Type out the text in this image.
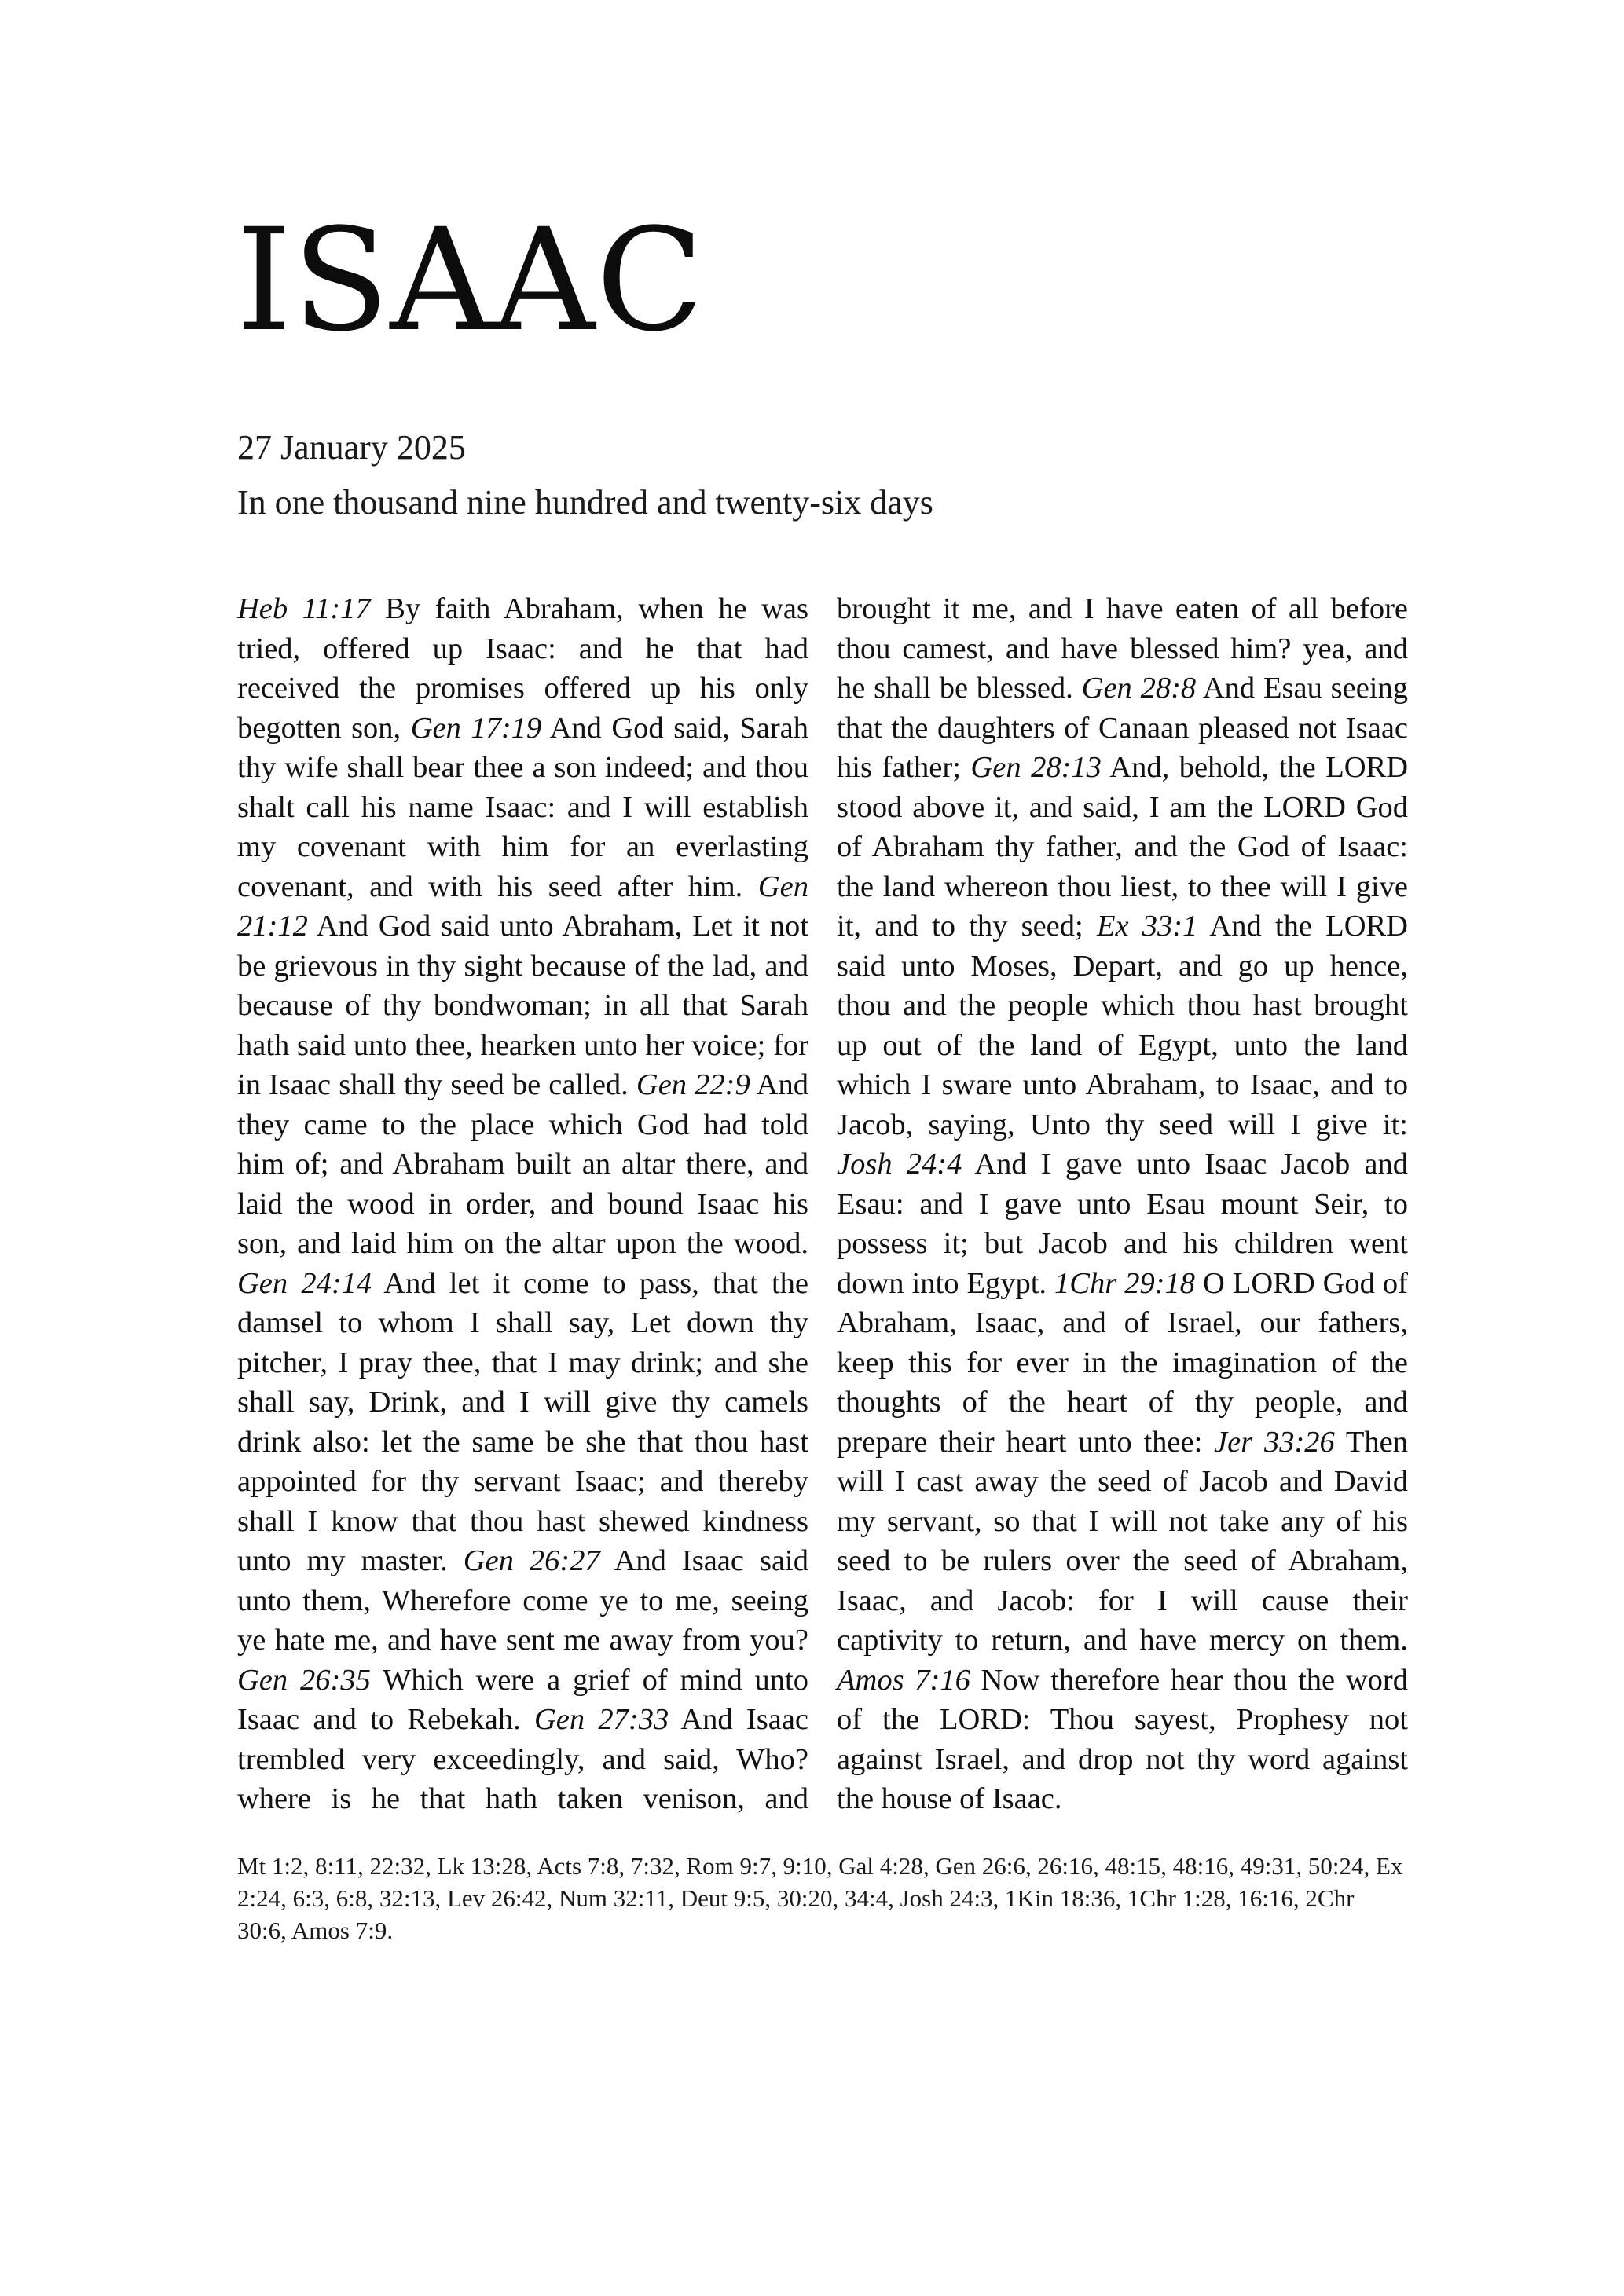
ISAAC
27 January 2025
In one thousand nine hundred and twenty-six days

Heb 11:17 By faith Abraham, when he was tried, offered up Isaac: and he that had received the promises offered up his only begotten son, Gen 17:19 And God said, Sarah thy wife shall bear thee a son indeed; and thou shalt call his name Isaac: and I will establish my covenant with him for an everlasting covenant, and with his seed after him. Gen 21:12 And God said unto Abraham, Let it not be grievous in thy sight because of the lad, and because of thy bondwoman; in all that Sarah hath said unto thee, hearken unto her voice; for in Isaac shall thy seed be called. Gen 22:9 And they came to the place which God had told him of; and Abraham built an altar there, and laid the wood in order, and bound Isaac his son, and laid him on the altar upon the wood. Gen 24:14 And let it come to pass, that the damsel to whom I shall say, Let down thy pitcher, I pray thee, that I may drink; and she shall say, Drink, and I will give thy camels drink also: let the same be she that thou hast appointed for thy servant Isaac; and thereby shall I know that thou hast shewed kindness unto my master. Gen 26:27 And Isaac said unto them, Wherefore come ye to me, seeing ye hate me, and have sent me away from you? Gen 26:35 Which were a grief of mind unto Isaac and to Rebekah. Gen 27:33 And Isaac trembled very exceedingly, and said, Who? where is he that hath taken venison, and brought it me, and I have eaten of all before thou camest, and have blessed him? yea, and he shall be blessed. Gen 28:8 And Esau seeing that the daughters of Canaan pleased not Isaac his father; Gen 28:13 And, behold, the LORD stood above it, and said, I am the LORD God of Abraham thy father, and the God of Isaac: the land whereon thou liest, to thee will I give it, and to thy seed; Ex 33:1 And the LORD said unto Moses, Depart, and go up hence, thou and the people which thou hast brought up out of the land of Egypt, unto the land which I sware unto Abraham, to Isaac, and to Jacob, saying, Unto thy seed will I give it: Josh 24:4 And I gave unto Isaac Jacob and Esau: and I gave unto Esau mount Seir, to possess it; but Jacob and his children went down into Egypt. 1Chr 29:18 O LORD God of Abraham, Isaac, and of Israel, our fathers, keep this for ever in the imagination of the thoughts of the heart of thy people, and prepare their heart unto thee: Jer 33:26 Then will I cast away the seed of Jacob and David my servant, so that I will not take any of his seed to be rulers over the seed of Abraham, Isaac, and Jacob: for I will cause their captivity to return, and have mercy on them. Amos 7:16 Now therefore hear thou the word of the LORD: Thou sayest, Prophesy not against Israel, and drop not thy word against the house of Isaac.

Mt 1:2, 8:11, 22:32, Lk 13:28, Acts 7:8, 7:32, Rom 9:7, 9:10, Gal 4:28, Gen 26:6, 26:16, 48:15, 48:16, 49:31, 50:24, Ex 2:24, 6:3, 6:8, 32:13, Lev 26:42, Num 32:11, Deut 9:5, 30:20, 34:4, Josh 24:3, 1Kin 18:36, 1Chr 1:28, 16:16, 2Chr 30:6, Amos 7:9.
